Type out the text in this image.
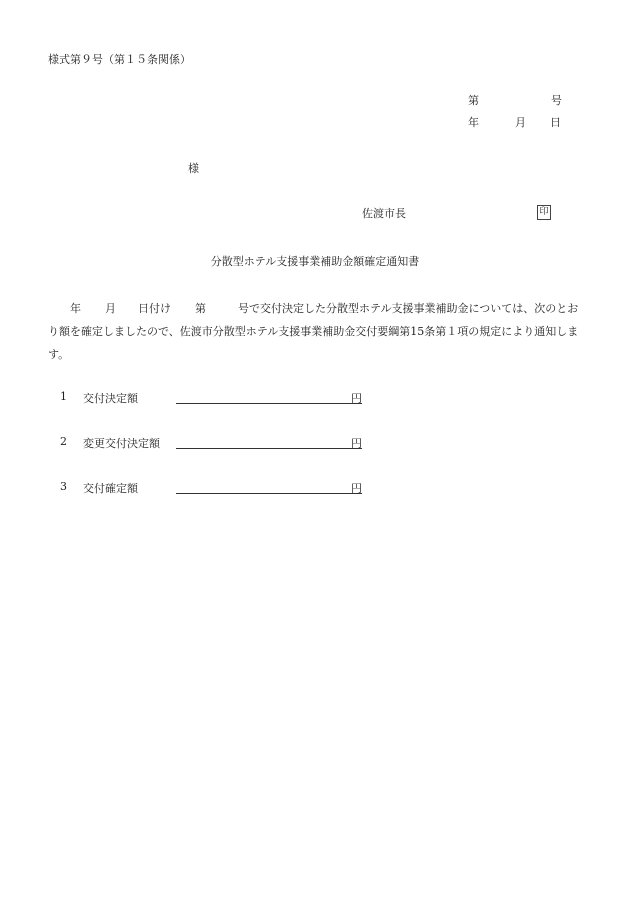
様式第９号（第１５条関係）
第	号
年	月 日
様
佐渡市長	印
分散型ホテル支援事業補助金額確定通知書
年 月 日付け 第	号で交付決定した分散型ホテル支援事業補助金については、次のとおり額を確定しましたので、佐渡市分散型ホテル支援事業補助金交付要綱第15条第１項の規定により通知します。
1 交付決定額	円
2 変更交付決定額	円
3 交付確定額	円
